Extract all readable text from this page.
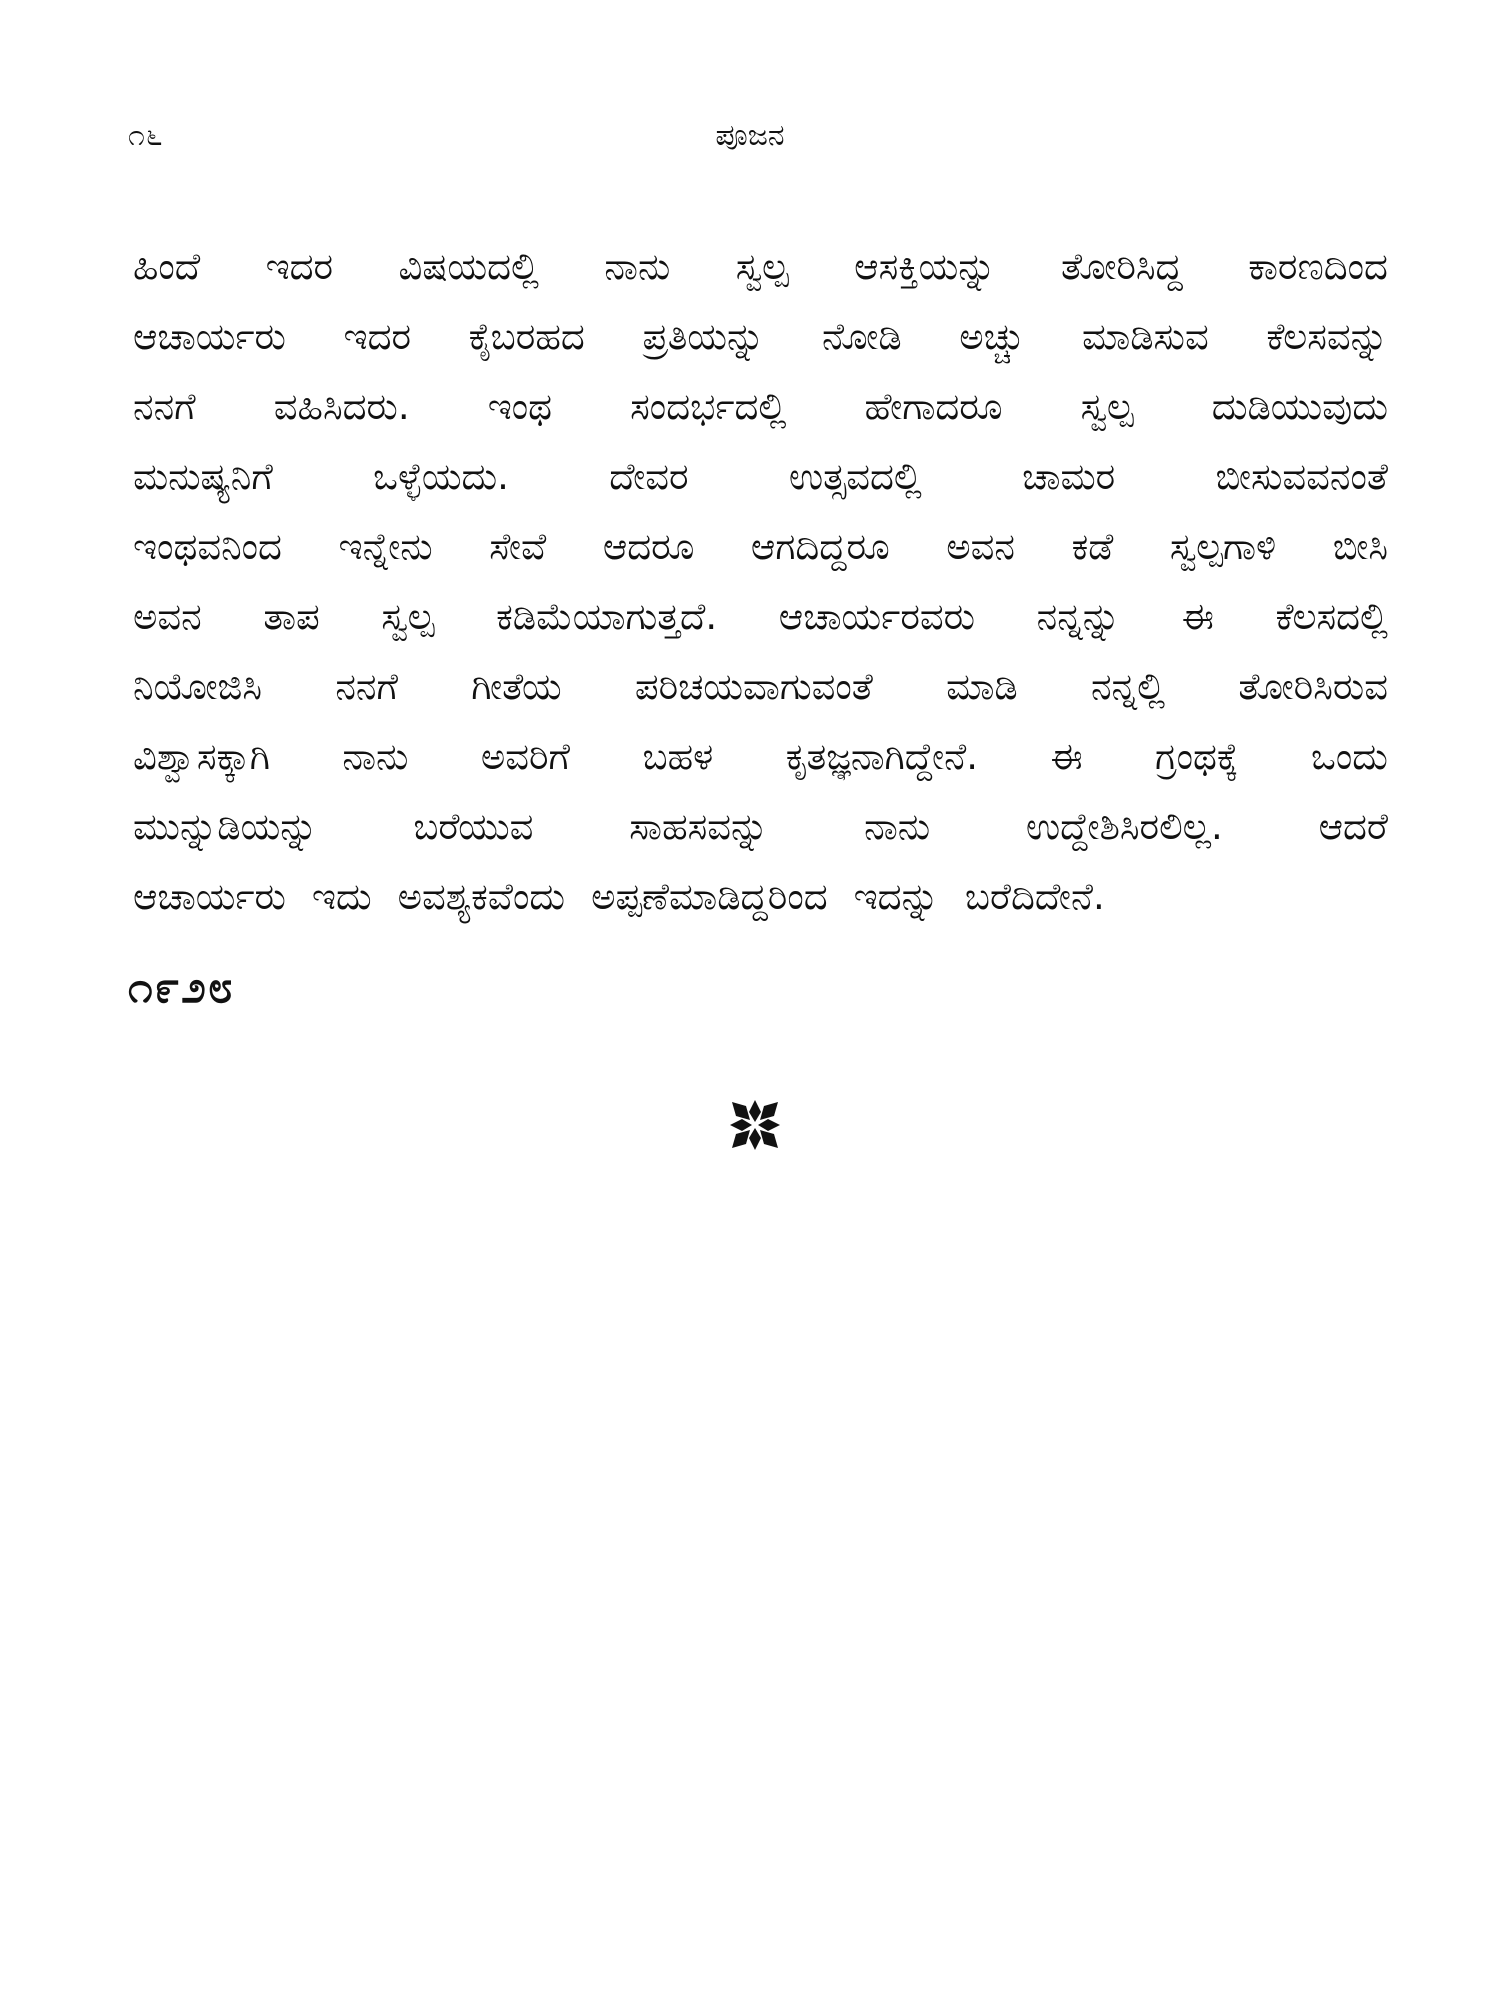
೧೬	ಪೂಜನ
ಹಿಂದೆ ಇದರ ವಿಷಯದಲ್ಲಿ ನಾನು ಸ್ವಲ್ಪ ಆಸಕ್ತಿಯನ್ನು ತೋರಿಸಿದ್ದ ಕಾರಣದಿಂದ
ಆಚಾರ್ಯರು ಇದರ ಕೈಬರಹದ ಪ್ರತಿಯನ್ನು ನೋಡಿ ಅಚ್ಚು ಮಾಡಿಸುವ ಕೆಲಸವನ್ನು
ನನಗೆ ವಹಿಸಿದರು. ಇಂಥ ಸಂದರ್ಭದಲ್ಲಿ ಹೇಗಾದರೂ ಸ್ವಲ್ಪ ದುಡಿಯುವುದು
ಮನುಷ್ಯನಿಗೆ	ಒಳ್ಳೆಯದು.	ದೇವರ	ಉತ್ಸವದಲ್ಲಿ	ಚಾಮರ	ಬೀಸುವವನಂತೆ
ಇಂಥವನಿಂದ ಇನ್ನೇನು ಸೇವೆ ಆದರೂ ಆಗದಿದ್ದರೂ ಅವನ ಕಡೆ ಸ್ವಲ್ಪಗಾಳಿ ಬೀಸಿ
ಅವನ ತಾಪ ಸ್ವಲ್ಪ ಕಡಿಮೆಯಾಗುತ್ತದೆ. ಆಚಾರ್ಯರವರು ನನ್ನನ್ನು ಈ ಕೆಲಸದಲ್ಲಿ
ನಿಯೋಜಿಸಿ ನನಗೆ ಗೀತೆಯ ಪರಿಚಯವಾಗುವಂತೆ ಮಾಡಿ ನನ್ನಲ್ಲಿ ತೋರಿಸಿರುವ
ವಿಶ್ವಾಸಕ್ಕಾಗಿ ನಾನು ಅವರಿಗೆ ಬಹಳ ಕೃತಜ್ಞನಾಗಿದ್ದೇನೆ. ಈ ಗ್ರಂಥಕ್ಕೆ ಒಂದು
ಮುನ್ನುಡಿಯನ್ನು	ಬರೆಯುವ	ಸಾಹಸವನ್ನು	ನಾನು	ಉದ್ದೇಶಿಸಿರಲಿಲ್ಲ.	ಆದರೆ
ಆಚಾರ್ಯರು ಇದು ಅವಶ್ಯಕವೆಂದು ಅಪ್ಪಣೆಮಾಡಿದ್ದರಿಂದ ಇದನ್ನು ಬರೆದಿದೇನೆ.
೧೯೨೮
